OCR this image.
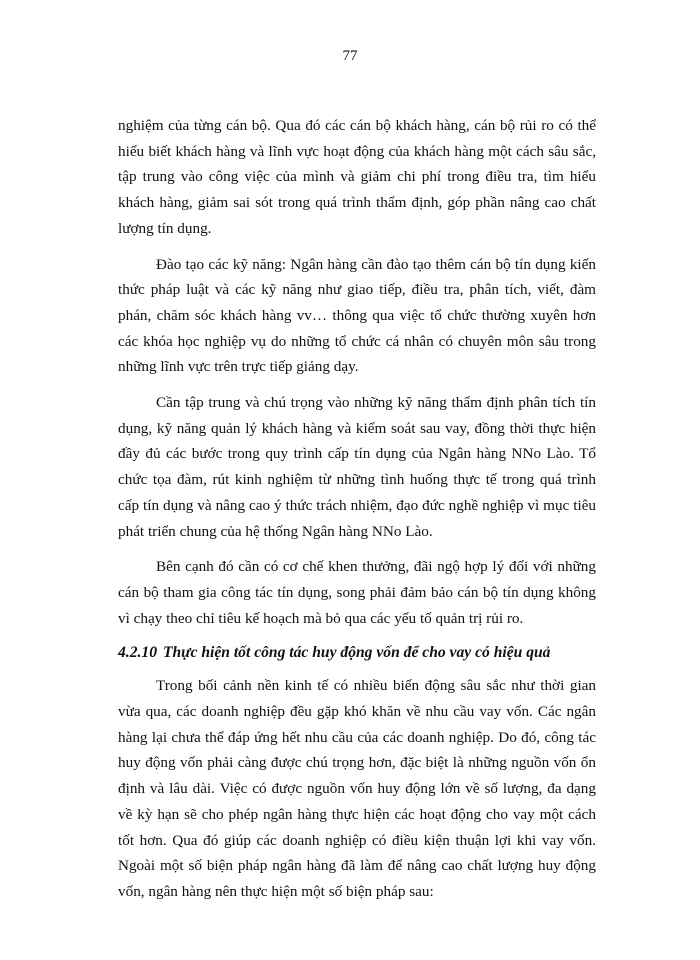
77

nghiệm của từng cán bộ. Qua đó các cán bộ khách hàng, cán bộ rủi ro có thể hiểu biết khách hàng và lĩnh vực hoạt động của khách hàng một cách sâu sắc, tập trung vào công việc của mình và giảm chi phí trong điều tra, tìm hiểu khách hàng, giảm sai sót trong quá trình thẩm định, góp phần nâng cao chất lượng tín dụng.

Đào tạo các kỹ năng: Ngân hàng cần đào tạo thêm cán bộ tín dụng kiến thức pháp luật và các kỹ năng như giao tiếp, điều tra, phân tích, viết, đàm phán, chăm sóc khách hàng vv… thông qua việc tổ chức thường xuyên hơn các khóa học nghiệp vụ do những tổ chức cá nhân có chuyên môn sâu trong những lĩnh vực trên trực tiếp giảng dạy.

Cần tập trung và chú trọng vào những kỹ năng thẩm định phân tích tín dụng, kỹ năng quản lý khách hàng và kiểm soát sau vay, đồng thời thực hiện đầy đủ các bước trong quy trình cấp tín dụng của Ngân hàng NNo Lào. Tổ chức tọa đàm, rút kinh nghiệm từ những tình huống thực tế trong quá trình cấp tín dụng và nâng cao ý thức trách nhiệm, đạo đức nghề nghiệp vì mục tiêu phát triển chung của hệ thống Ngân hàng NNo Lào.

Bên cạnh đó cần có cơ chế khen thưởng, đãi ngộ hợp lý đối với những cán bộ tham gia công tác tín dụng, song phải đảm bảo cán bộ tín dụng không vì chạy theo chỉ tiêu kế hoạch mà bỏ qua các yếu tố quản trị rủi ro.

4.2.10 Thực hiện tốt công tác huy động vốn để cho vay có hiệu quả

Trong bối cảnh nền kinh tế có nhiều biến động sâu sắc như thời gian vừa qua, các doanh nghiệp đều gặp khó khăn về nhu cầu vay vốn. Các ngân hàng lại chưa thể đáp ứng hết nhu cầu của các doanh nghiệp. Do đó, công tác huy động vốn phải càng được chú trọng hơn, đặc biệt là những nguồn vốn ổn định và lâu dài. Việc có được nguồn vốn huy động lớn về số lượng, đa dạng về kỳ hạn sẽ cho phép ngân hàng thực hiện các hoạt động cho vay một cách tốt hơn. Qua đó giúp các doanh nghiệp có điều kiện thuận lợi khi vay vốn. Ngoài một số biện pháp ngân hàng đã làm để nâng cao chất lượng huy động vốn, ngân hàng nên thực hiện một số biện pháp sau:
